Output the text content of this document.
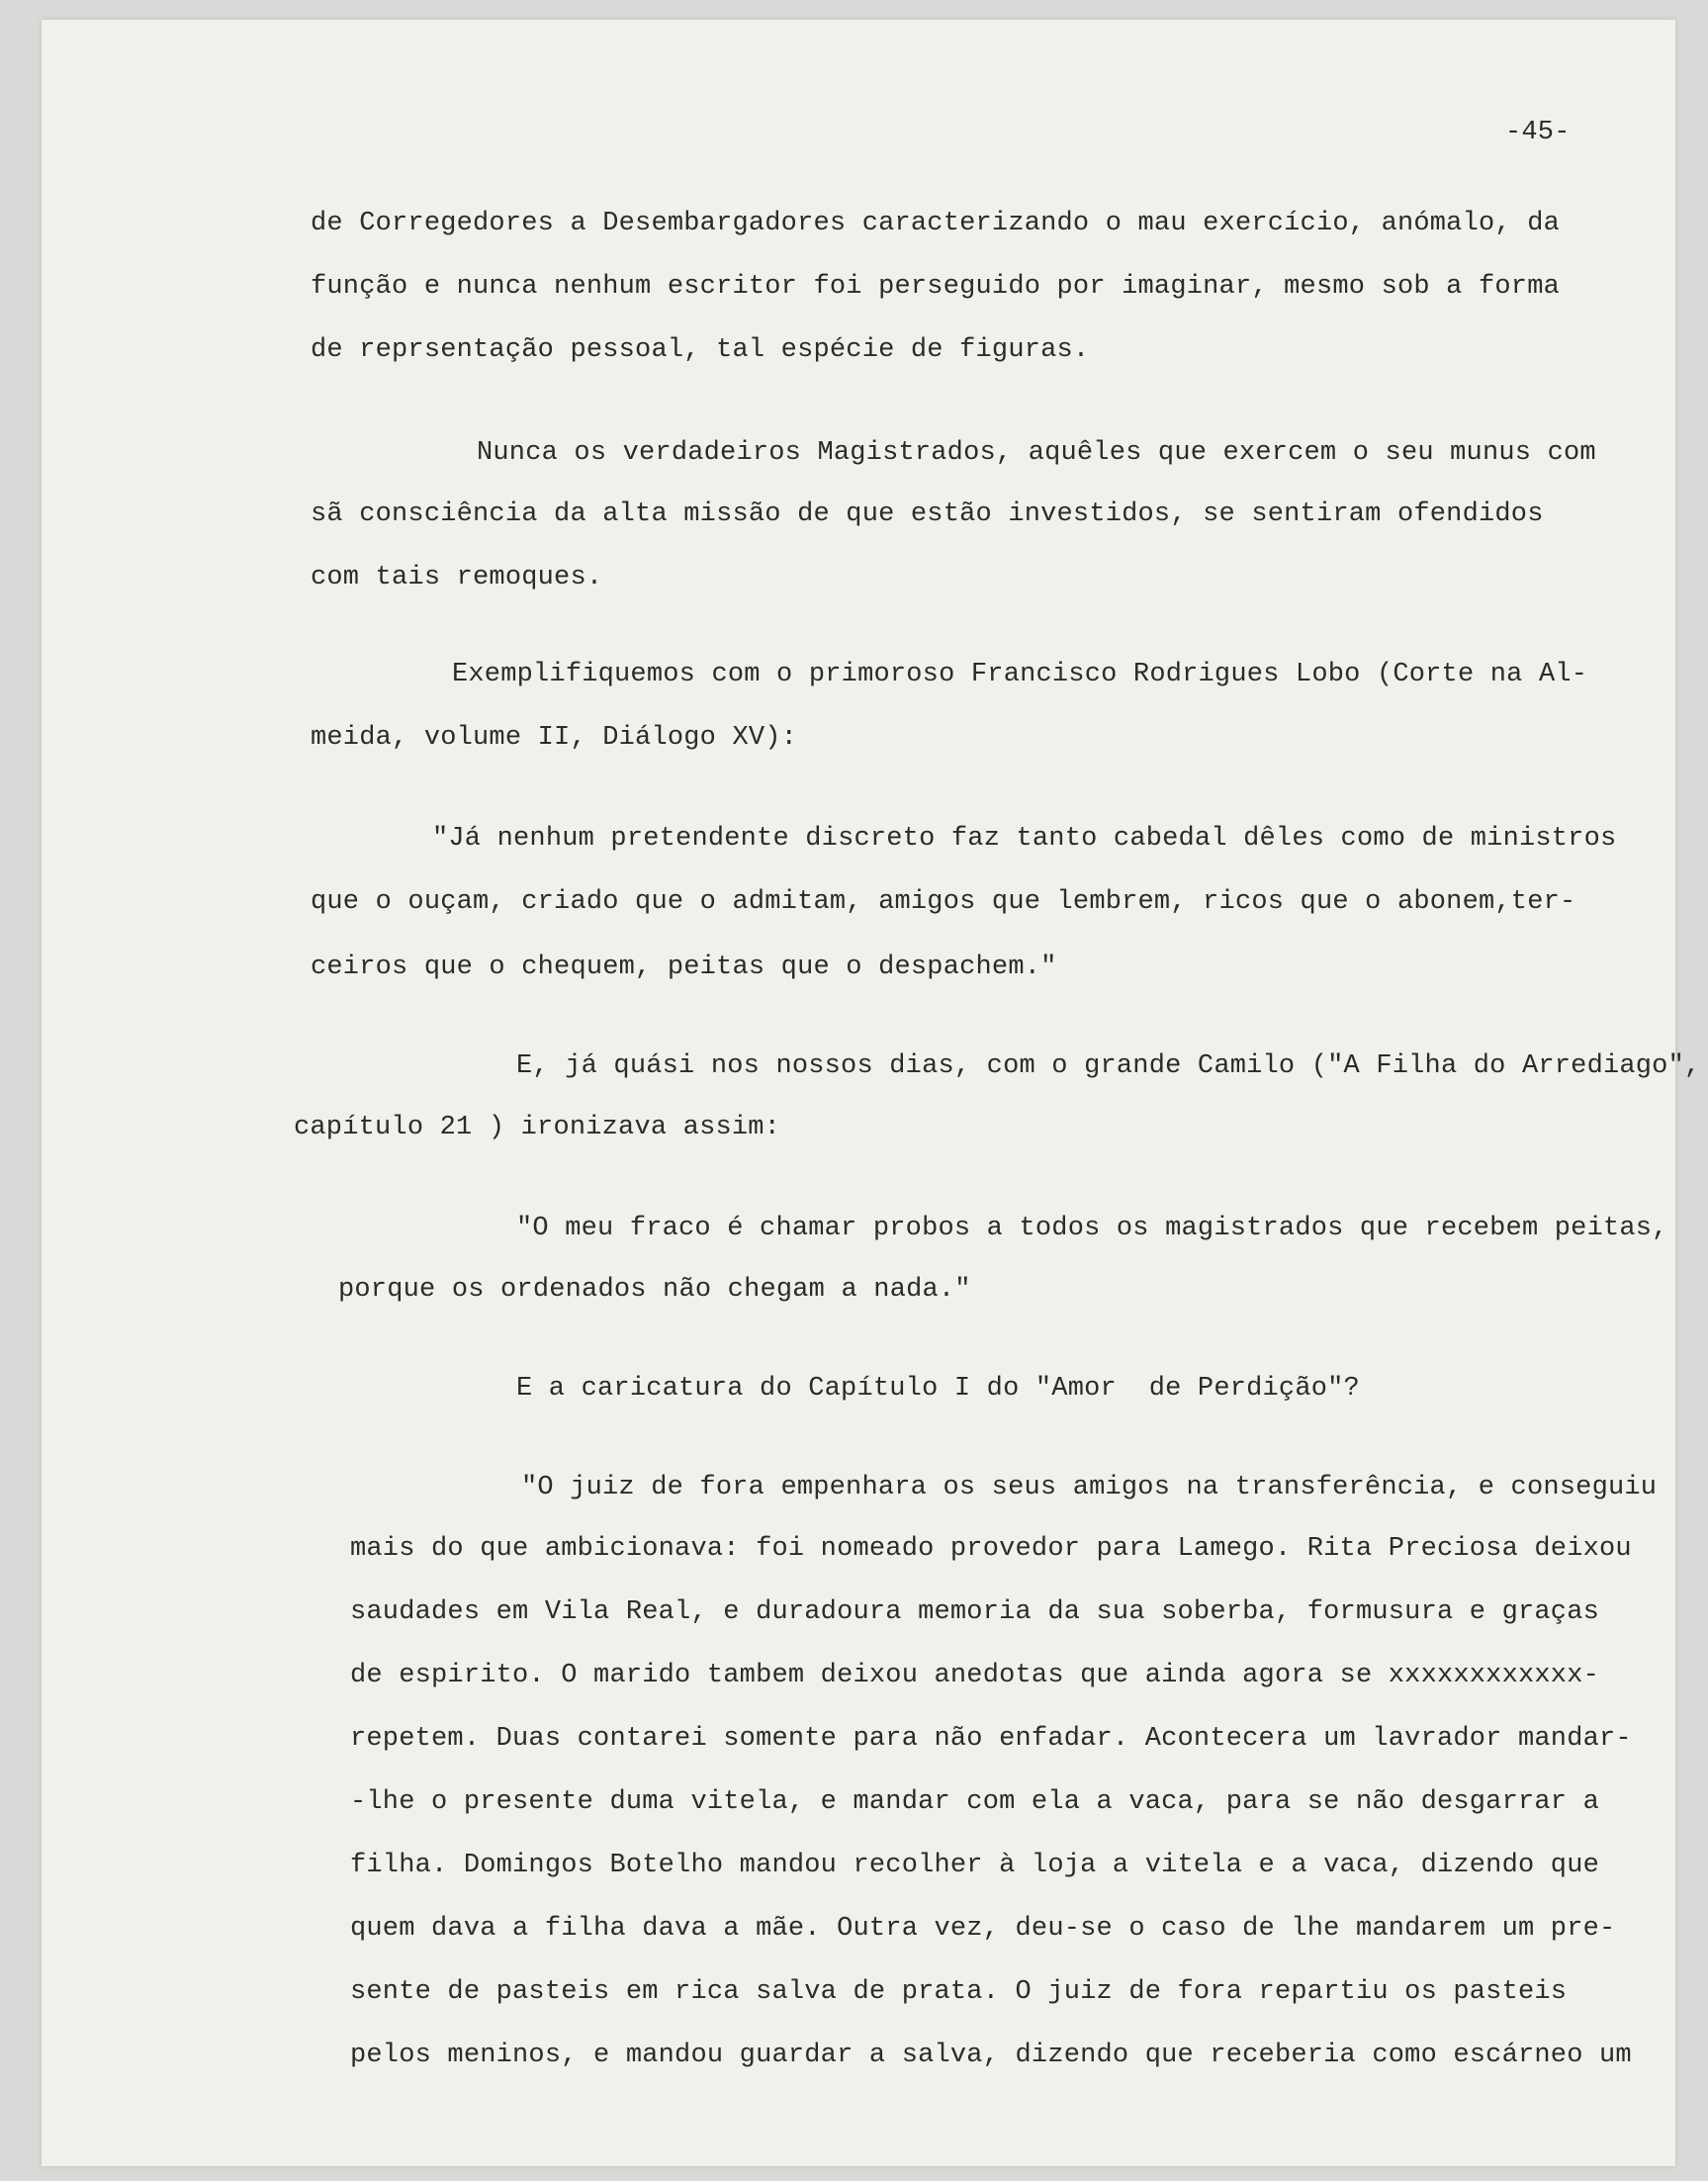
-45-
de Corregedores a Desembargadores caracterizando o mau exercício, anómalo, da
função e nunca nenhum escritor foi perseguido por imaginar, mesmo sob a forma
de reprsentação pessoal, tal espécie de figuras.
Nunca os verdadeiros Magistrados, aquêles que exercem o seu munus com
sã consciência da alta missão de que estão investidos, se sentiram ofendidos
com tais remoques.
Exemplifiquemos com o primoroso Francisco Rodrigues Lobo (Corte na Al-
meida, volume II, Diálogo XV):
"Já nenhum pretendente discreto faz tanto cabedal dêles como de ministros
que o ouçam, criado que o admitam, amigos que lembrem, ricos que o abonem,ter-
ceiros que o chequem, peitas que o despachem."
E, já quási nos nossos dias, com o grande Camilo ("A Filha do Arrediago",
capítulo 21 ) ironizava assim:
"O meu fraco é chamar probos a todos os magistrados que recebem peitas,
porque os ordenados não chegam a nada."
E a caricatura do Capítulo I do "Amor  de Perdição"?
"O juiz de fora empenhara os seus amigos na transferência, e conseguiu
mais do que ambicionava: foi nomeado provedor para Lamego. Rita Preciosa deixou
saudades em Vila Real, e duradoura memoria da sua soberba, formusura e graças
de espirito. O marido tambem deixou anedotas que ainda agora se xxxxxxxxxxxx-
repetem. Duas contarei somente para não enfadar. Acontecera um lavrador mandar-
-lhe o presente duma vitela, e mandar com ela a vaca, para se não desgarrar a
filha. Domingos Botelho mandou recolher à loja a vitela e a vaca, dizendo que
quem dava a filha dava a mãe. Outra vez, deu-se o caso de lhe mandarem um pre-
sente de pasteis em rica salva de prata. O juiz de fora repartiu os pasteis
pelos meninos, e mandou guardar a salva, dizendo que receberia como escárneo um
